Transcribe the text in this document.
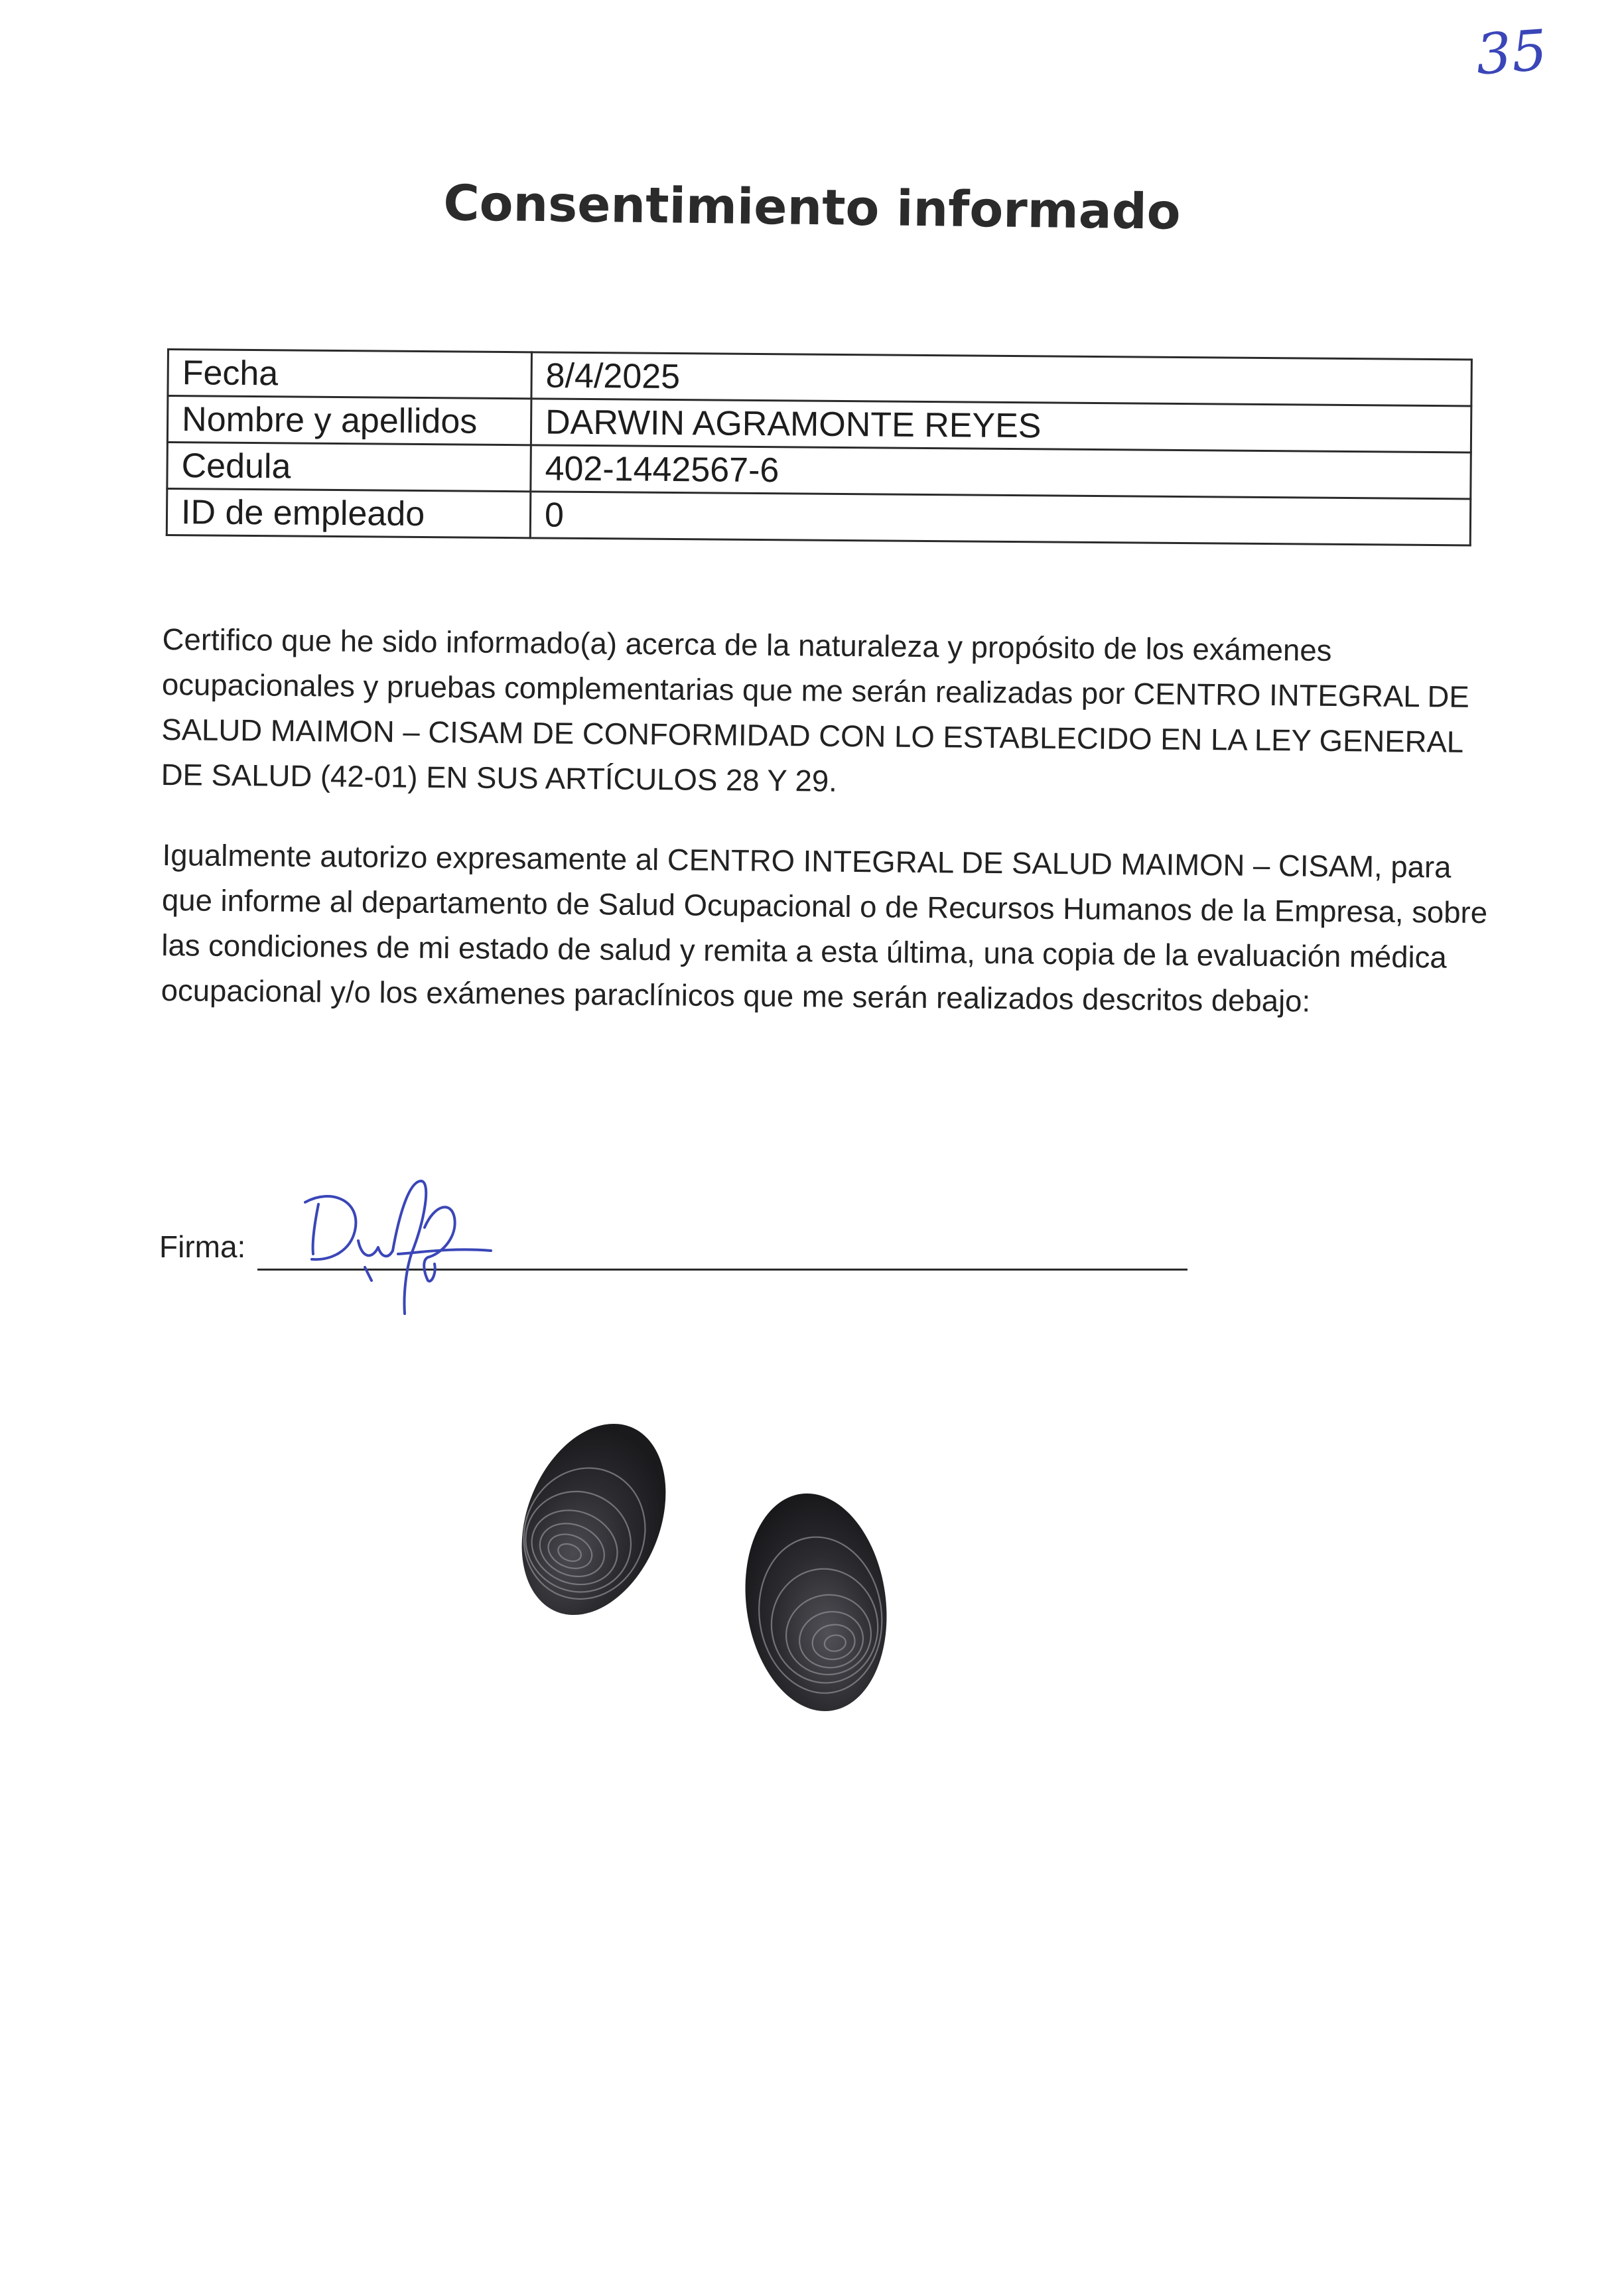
35
Consentimiento informado
Fecha	8/4/2025
Nombre y apellidos	DARWIN AGRAMONTE REYES
Cedula	402-1442567-6
ID de empleado	0

Certifico que he sido informado(a) acerca de la naturaleza y propósito de los exámenes ocupacionales y pruebas complementarias que me serán realizadas por CENTRO INTEGRAL DE SALUD MAIMON – CISAM DE CONFORMIDAD CON LO ESTABLECIDO EN LA LEY GENERAL DE SALUD (42-01) EN SUS ARTÍCULOS 28 Y 29.

Igualmente autorizo expresamente al CENTRO INTEGRAL DE SALUD MAIMON – CISAM, para que informe al departamento de Salud Ocupacional o de Recursos Humanos de la Empresa, sobre las condiciones de mi estado de salud y remita a esta última, una copia de la evaluación médica ocupacional y/o los exámenes paraclínicos que me serán realizados descritos debajo:

Firma:
